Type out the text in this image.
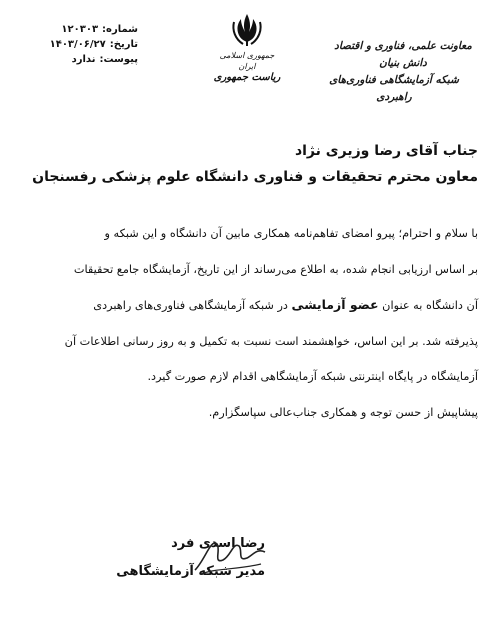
معاونت علمی، فناوری و اقتصاد دانش بنیان
شبکه آزمایشگاهی فناوری‌های راهبردی
جمهوری اسلامی ایران
ریاست جمهوری
شماره:
۱۲۰۳۰۳
تاریخ:
۱۴۰۳/۰۶/۲۷
پیوست:
ندارد
جناب آقای رضا وزیری نژاد
معاون محترم تحقیقات و فناوری دانشگاه علوم پزشکی رفسنجان
با سلام و احترام؛ پیرو امضای تفاهم‌نامه همکاری مابین آن دانشگاه و این شبکه و
بر اساس ارزیابی انجام شده، به اطلاع می‌رساند از این تاریخ، آزمایشگاه جامع تحقیقات
آن دانشگاه به عنوان عضو آزمایشی در شبکه آزمایشگاهی فناوری‌های راهبردی
پذیرفته شد. بر این اساس، خواهشمند است نسبت به تکمیل و به روز رسانی اطلاعات آن
آزمایشگاه در پایگاه اینترنتی شبکه آزمایشگاهی اقدام لازم صورت گیرد.
پیشاپیش از حسن توجه و همکاری جناب‌عالی سپاسگزارم.
رضا اسدی فرد
مدیر شبکه آزمایشگاهی
